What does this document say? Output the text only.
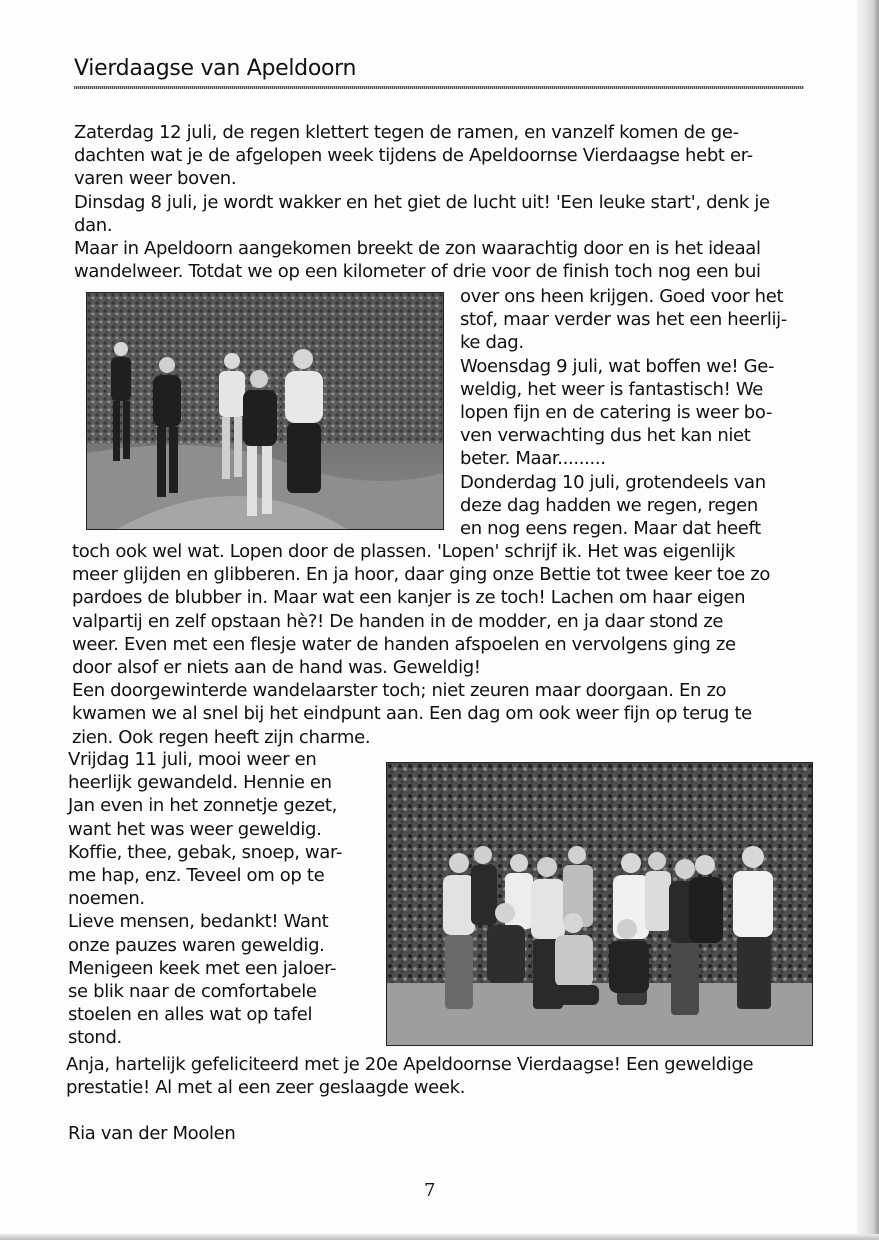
Vierdaagse van Apeldoorn
Zaterdag 12 juli, de regen klettert tegen de ramen, en vanzelf komen de ge-
dachten wat je de afgelopen week tijdens de Apeldoornse Vierdaagse hebt er-
varen weer boven.
Dinsdag 8 juli, je wordt wakker en het giet de lucht uit! 'Een leuke start', denk je
dan.
Maar in Apeldoorn aangekomen breekt de zon waarachtig door en is het ideaal
wandelweer. Totdat we op een kilometer of drie voor de finish toch nog een bui
over ons heen krijgen. Goed voor het
stof, maar verder was het een heerlij-
ke dag.
Woensdag 9 juli, wat boffen we! Ge-
weldig, het weer is fantastisch! We
lopen fijn en de catering is weer bo-
ven verwachting dus het kan niet
beter. Maar.........
Donderdag 10 juli, grotendeels van
deze dag hadden we regen, regen
en nog eens regen. Maar dat heeft
toch ook wel wat. Lopen door de plassen. 'Lopen' schrijf ik. Het was eigenlijk
meer glijden en glibberen. En ja hoor, daar ging onze Bettie tot twee keer toe zo
pardoes de blubber in. Maar wat een kanjer is ze toch! Lachen om haar eigen
valpartij en zelf opstaan hè?! De handen in de modder, en ja daar stond ze
weer. Even met een flesje water de handen afspoelen en vervolgens ging ze
door alsof er niets aan de hand was. Geweldig!
Een doorgewinterde wandelaarster toch; niet zeuren maar doorgaan. En zo
kwamen we al snel bij het eindpunt aan. Een dag om ook weer fijn op terug te
zien. Ook regen heeft zijn charme.
Vrijdag 11 juli, mooi weer en
heerlijk gewandeld. Hennie en
Jan even in het zonnetje gezet,
want het was weer geweldig.
Koffie, thee, gebak, snoep, war-
me hap, enz. Teveel om op te
noemen.
Lieve mensen, bedankt! Want
onze pauzes waren geweldig.
Menigeen keek met een jaloer-
se blik naar de comfortabele
stoelen en alles wat op tafel
stond.
Anja, hartelijk gefeliciteerd met je 20e Apeldoornse Vierdaagse! Een geweldige
prestatie! Al met al een zeer geslaagde week.
Ria van der Moolen
7
